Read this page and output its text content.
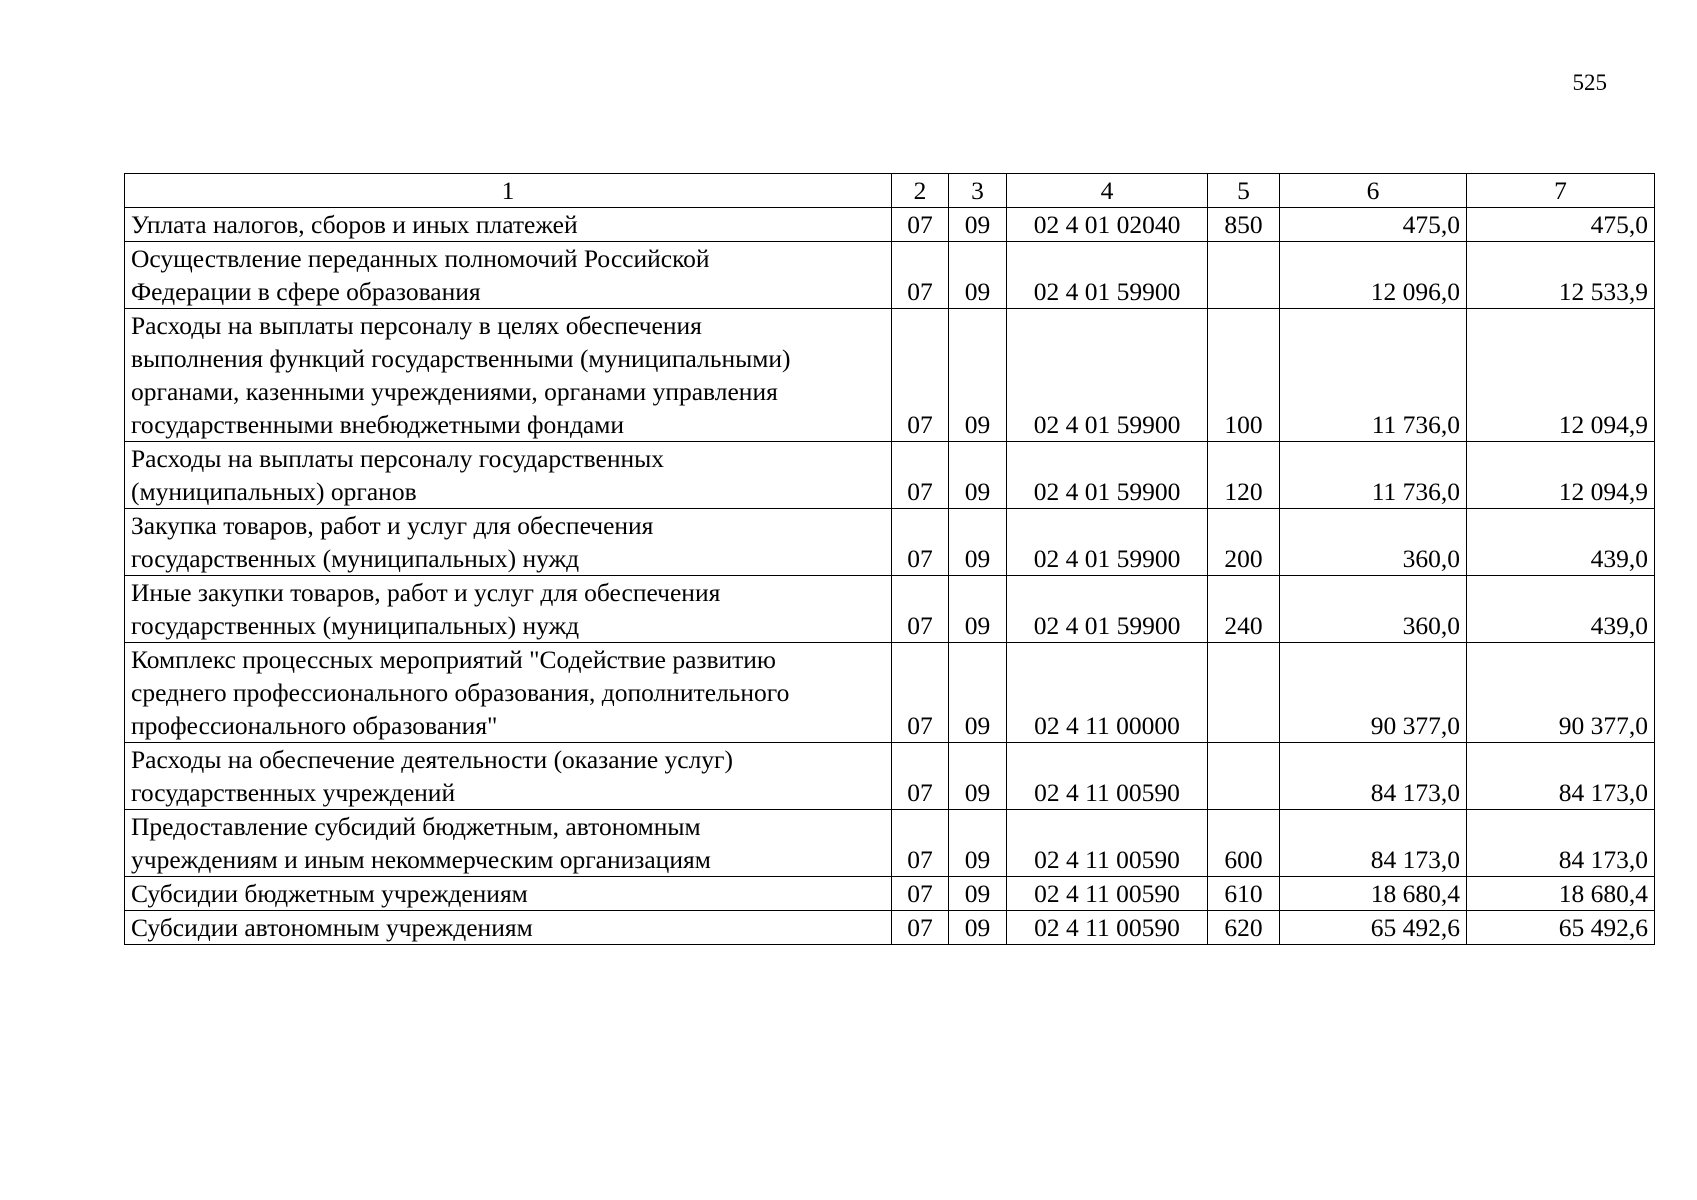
525
1	2	3	4	5	6	7

Уплата налогов, сборов и иных платежей	07	09	02 4 01 02040	850	475,0	475,0

Осуществление переданных полномочий Российской
Федерации в сфере образования	07	09	02 4 01 59900		12 096,0	12 533,9

Расходы на выплаты персоналу в целях обеспечения
выполнения функций государственными (муниципальными)
органами, казенными учреждениями, органами управления
государственными внебюджетными фондами	07	09	02 4 01 59900	100	11 736,0	12 094,9

Расходы на выплаты персоналу государственных
(муниципальных) органов	07	09	02 4 01 59900	120	11 736,0	12 094,9

Закупка товаров, работ и услуг для обеспечения
государственных (муниципальных) нужд	07	09	02 4 01 59900	200	360,0	439,0

Иные закупки товаров, работ и услуг для обеспечения
государственных (муниципальных) нужд	07	09	02 4 01 59900	240	360,0	439,0

Комплекс процессных мероприятий "Содействие развитию
среднего профессионального образования, дополнительного
профессионального образования"	07	09	02 4 11 00000		90 377,0	90 377,0

Расходы на обеспечение деятельности (оказание услуг)
государственных учреждений	07	09	02 4 11 00590		84 173,0	84 173,0

Предоставление субсидий бюджетным, автономным
учреждениям и иным некоммерческим организациям	07	09	02 4 11 00590	600	84 173,0	84 173,0

Субсидии бюджетным учреждениям	07	09	02 4 11 00590	610	18 680,4	18 680,4

Субсидии автономным учреждениям	07	09	02 4 11 00590	620	65 492,6	65 492,6
